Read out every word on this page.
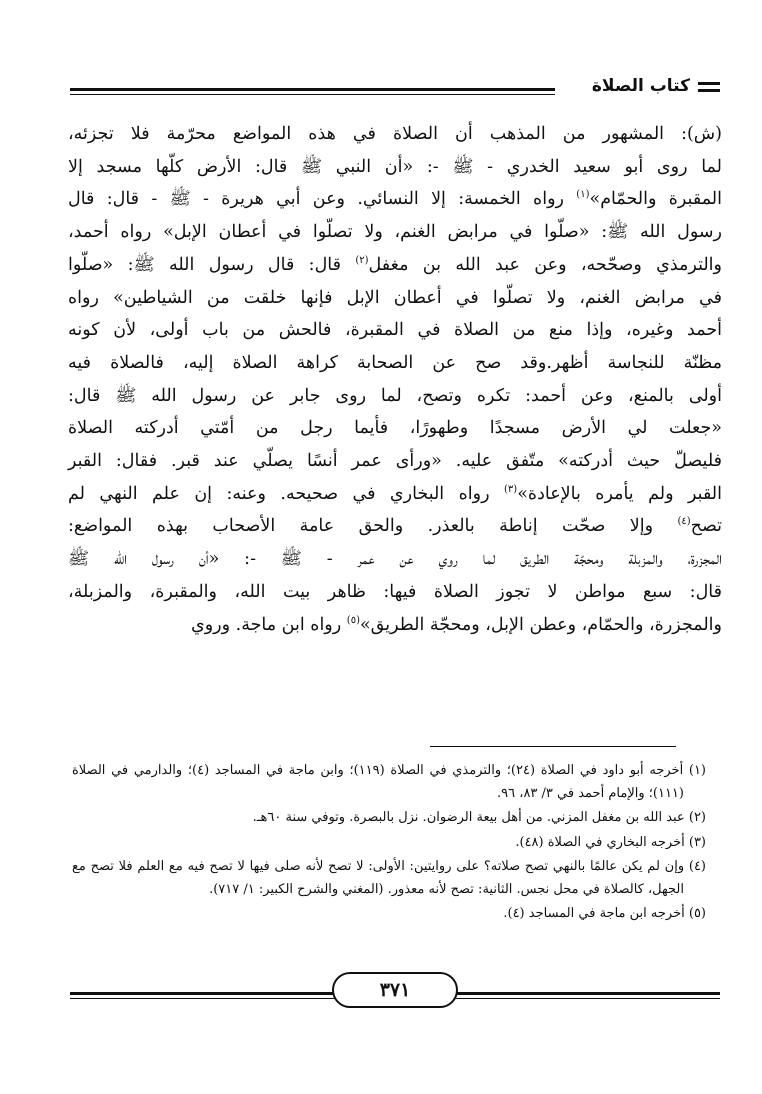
كتاب الصلاة

(ش): المشهور من المذهب أن الصلاة في هذه المواضع محرّمة فلا تجزئه،

لما روى أبو سعيد الخدري - ﷺ -: «أن النبي ﷺ قال: الأرض كلّها مسجد إلا

المقبرة والحمّام»$^{(١)}$ رواه الخمسة: إلا النسائي. وعن أبي هريرة - ﷺ - قال: قال

رسول الله ﷺ: «صلّوا في مرابض الغنم، ولا تصلّوا في أعطان الإبل» رواه أحمد،

والترمذي وصحّحه، وعن عبد الله بن مغفل$^{(٢)}$ قال: قال رسول الله ﷺ: «صلّوا

في مرابض الغنم، ولا تصلّوا في أعطان الإبل فإنها خلقت من الشياطين» رواه

أحمد وغيره، وإذا منع من الصلاة في المقبرة، فالحش من باب أولى، لأن كونه

مظنّة للنجاسة أظهر.وقد صح عن الصحابة كراهة الصلاة إليه، فالصلاة فيه

أولى بالمنع، وعن أحمد: تكره وتصح، لما روى جابر عن رسول الله ﷺ قال:

«جعلت لي الأرض مسجدًا وطهورًا، فأيما رجل من أمّتي أدركته الصلاة

فليصلّ حيث أدركته» متّفق عليه. «ورأى عمر أنسًا يصلّي عند قبر. فقال: القبر

القبر ولم يأمره بالإعادة»$^{(٣)}$ رواه البخاري في صحيحه. وعنه: إن علم النهي لم

تصح$^{(٤)}$ وإلا صحّت إناطة بالعذر. والحق عامة الأصحاب بهذه المواضع:

المجزرة، والمزبلة ومحجّة الطريق لما روي عن عمر - ﷺ -: «أن رسول الله ﷺ

قال: سبع مواطن لا تجوز الصلاة فيها: ظاهر بيت الله، والمقبرة، والمزبلة،

والمجزرة، والحمّام، وعطن الإبل، ومحجّة الطريق»$^{(٥)}$ رواه ابن ماجة. وروي

(١) أخرجه أبو داود في الصلاة (٢٤)؛ والترمذي في الصلاة (١١٩)؛ وابن ماجة في المساجد (٤)؛ والدارمي في الصلاة (١١١)؛ والإمام أحمد في ٣/ ٨٣، ٩٦.

(٢) عبد الله بن مغفل المزني. من أهل بيعة الرضوان. نزل بالبصرة. وتوفي سنة ٦٠هـ.

(٣) أخرجه البخاري في الصلاة (٤٨).

(٤) وإن لم يكن عالمًا بالنهي تصح صلاته؟ على روايتين: الأولى: لا تصح لأنه صلى فيها لا تصح فيه مع العلم فلا تصح مع الجهل، كالصلاة في محل نجس. الثانية: تصح لأنه معذور. (المغني والشرح الكبير: ١/ ٧١٧).

(٥) أخرجه ابن ماجة في المساجد (٤).

٣٧١
